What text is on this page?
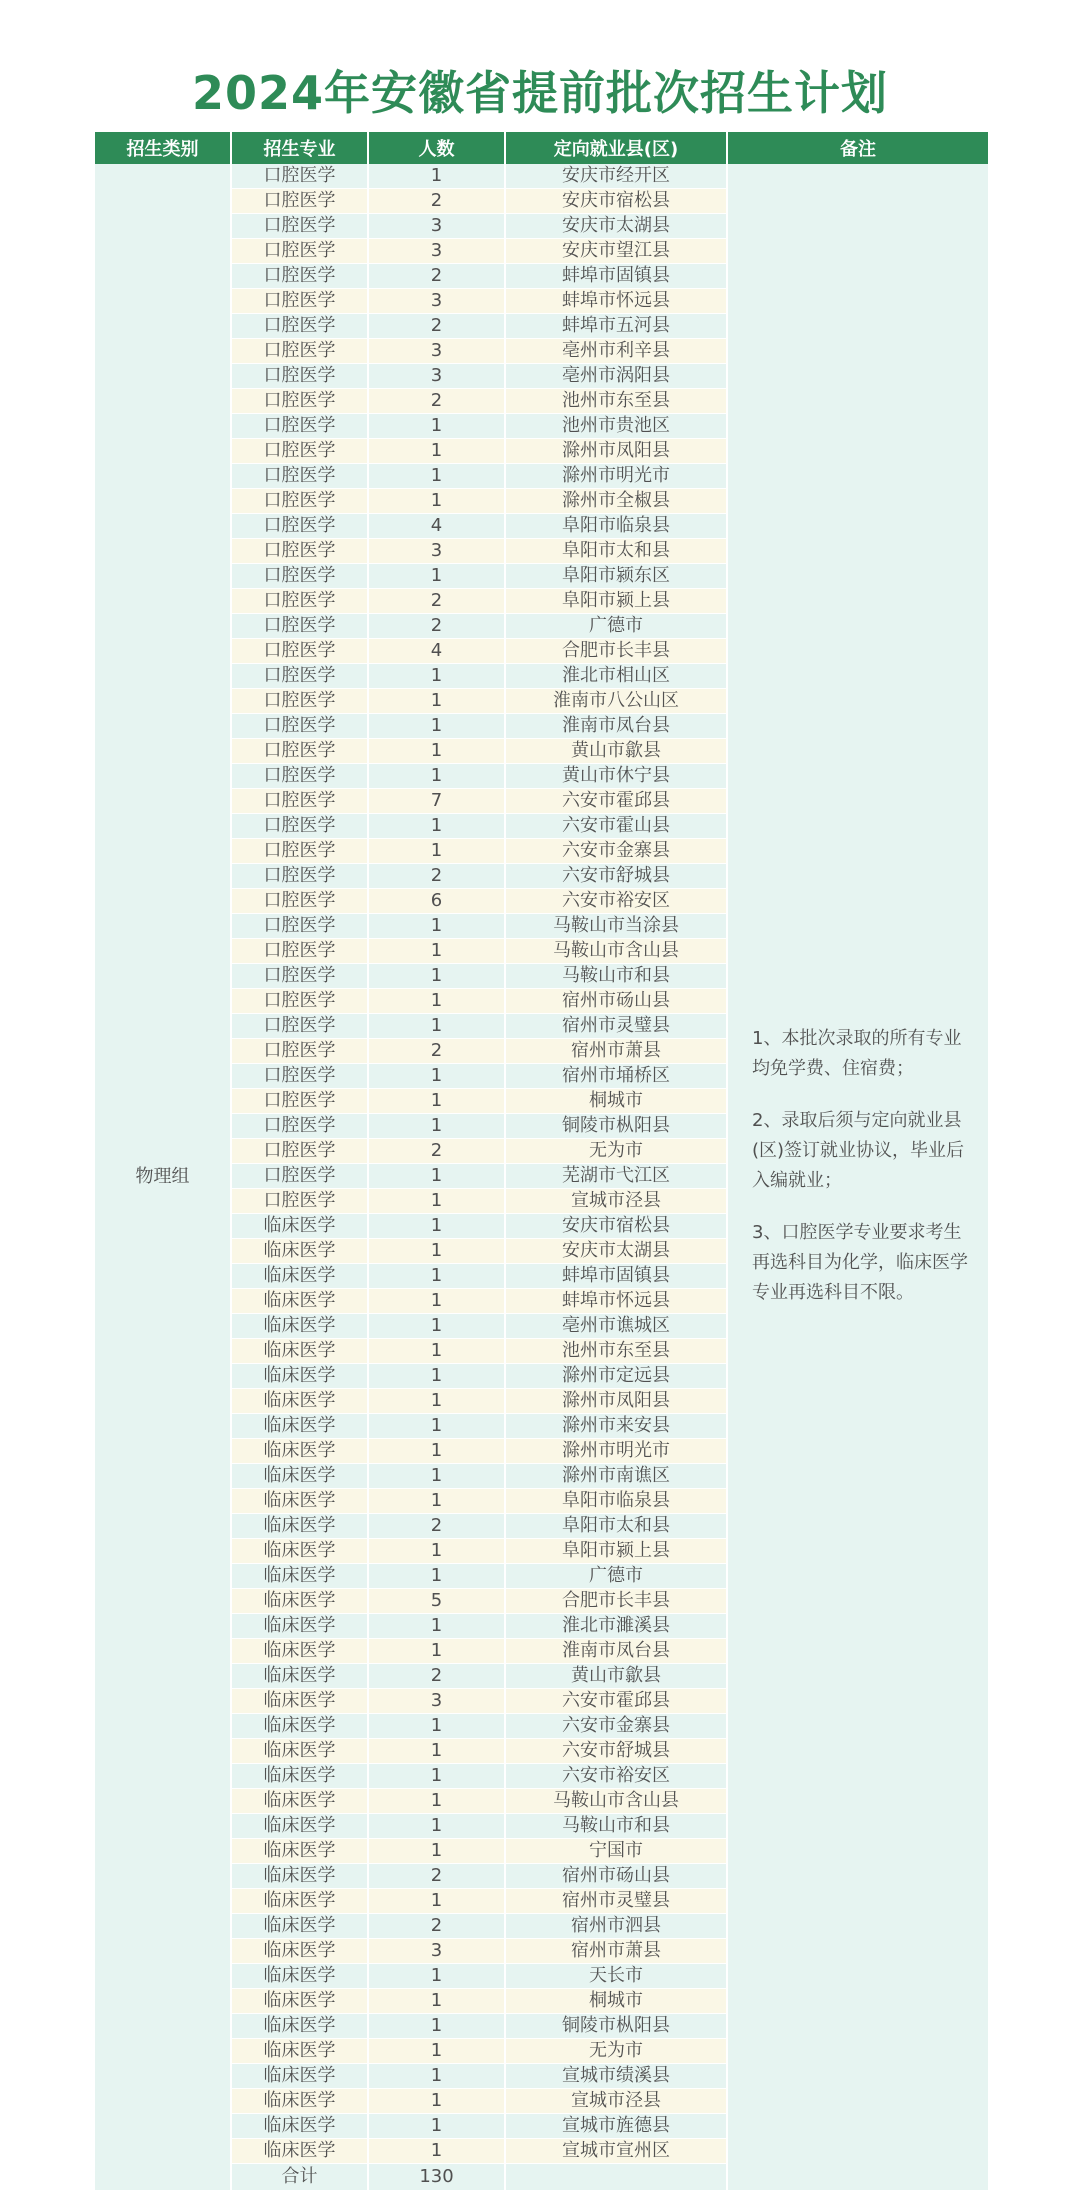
2024年安徽省提前批次招生计划
招生类别	招生专业	人数	定向就业县(区)	备注
物理组	口腔医学	1	安庆市经开区	1、本批次录取的所有专业均免学费、住宿费；

2、录取后须与定向就业县(区)签订就业协议，毕业后入编就业；

3、口腔医学专业要求考生再选科目为化学，临床医学专业再选科目不限。

	口腔医学	2	安庆市宿松县	
	口腔医学	3	安庆市太湖县	
	口腔医学	3	安庆市望江县	
	口腔医学	2	蚌埠市固镇县	
	口腔医学	3	蚌埠市怀远县	
	口腔医学	2	蚌埠市五河县	
	口腔医学	3	亳州市利辛县	
	口腔医学	3	亳州市涡阳县	
	口腔医学	2	池州市东至县	
	口腔医学	1	池州市贵池区	
	口腔医学	1	滁州市凤阳县	
	口腔医学	1	滁州市明光市	
	口腔医学	1	滁州市全椒县	
	口腔医学	4	阜阳市临泉县	
	口腔医学	3	阜阳市太和县	
	口腔医学	1	阜阳市颍东区	
	口腔医学	2	阜阳市颍上县	
	口腔医学	2	广德市	
	口腔医学	4	合肥市长丰县	
	口腔医学	1	淮北市相山区	
	口腔医学	1	淮南市八公山区	
	口腔医学	1	淮南市凤台县	
	口腔医学	1	黄山市歙县	
	口腔医学	1	黄山市休宁县	
	口腔医学	7	六安市霍邱县	
	口腔医学	1	六安市霍山县	
	口腔医学	1	六安市金寨县	
	口腔医学	2	六安市舒城县	
	口腔医学	6	六安市裕安区	
	口腔医学	1	马鞍山市当涂县	
	口腔医学	1	马鞍山市含山县	
	口腔医学	1	马鞍山市和县	
	口腔医学	1	宿州市砀山县	
	口腔医学	1	宿州市灵璧县	
	口腔医学	2	宿州市萧县	
	口腔医学	1	宿州市埇桥区	
	口腔医学	1	桐城市	
	口腔医学	1	铜陵市枞阳县	
	口腔医学	2	无为市	
	口腔医学	1	芜湖市弋江区	
	口腔医学	1	宣城市泾县	
	临床医学	1	安庆市宿松县	
	临床医学	1	安庆市太湖县	
	临床医学	1	蚌埠市固镇县	
	临床医学	1	蚌埠市怀远县	
	临床医学	1	亳州市谯城区	
	临床医学	1	池州市东至县	
	临床医学	1	滁州市定远县	
	临床医学	1	滁州市凤阳县	
	临床医学	1	滁州市来安县	
	临床医学	1	滁州市明光市	
	临床医学	1	滁州市南谯区	
	临床医学	1	阜阳市临泉县	
	临床医学	2	阜阳市太和县	
	临床医学	1	阜阳市颍上县	
	临床医学	1	广德市	
	临床医学	5	合肥市长丰县	
	临床医学	1	淮北市濉溪县	
	临床医学	1	淮南市凤台县	
	临床医学	2	黄山市歙县	
	临床医学	3	六安市霍邱县	
	临床医学	1	六安市金寨县	
	临床医学	1	六安市舒城县	
	临床医学	1	六安市裕安区	
	临床医学	1	马鞍山市含山县	
	临床医学	1	马鞍山市和县	
	临床医学	1	宁国市	
	临床医学	2	宿州市砀山县	
	临床医学	1	宿州市灵璧县	
	临床医学	2	宿州市泗县	
	临床医学	3	宿州市萧县	
	临床医学	1	天长市	
	临床医学	1	桐城市	
	临床医学	1	铜陵市枞阳县	
	临床医学	1	无为市	
	临床医学	1	宣城市绩溪县	
	临床医学	1	宣城市泾县	
	临床医学	1	宣城市旌德县	
	临床医学	1	宣城市宣州区	
	合计	130		
